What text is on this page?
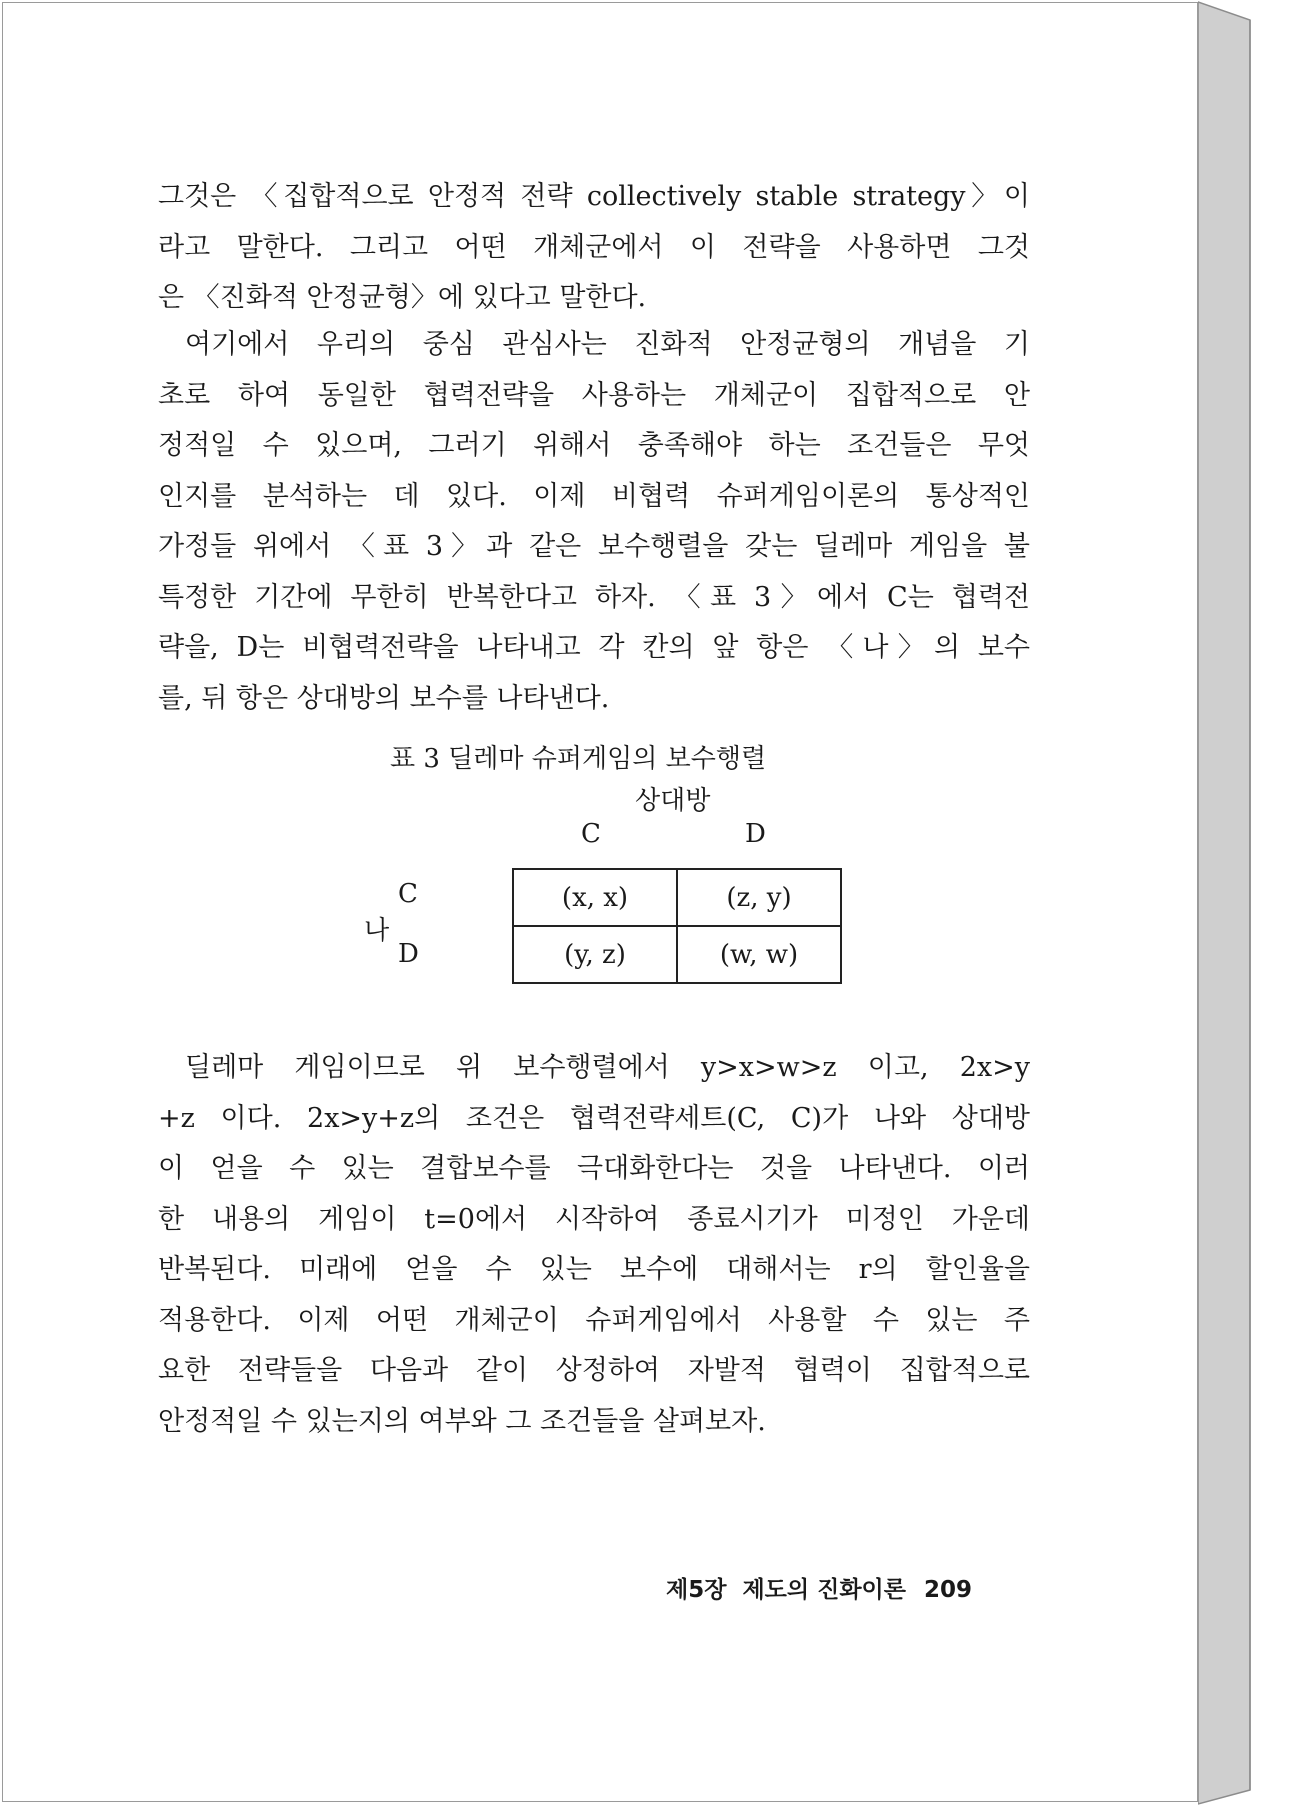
그것은 〈집합적으로 안정적 전략 collectively stable strategy〉이
라고 말한다. 그리고 어떤 개체군에서 이 전략을 사용하면 그것
은 〈진화적 안정균형〉에 있다고 말한다.
여기에서 우리의 중심 관심사는 진화적 안정균형의 개념을 기
초로 하여 동일한 협력전략을 사용하는 개체군이 집합적으로 안
정적일 수 있으며, 그러기 위해서 충족해야 하는 조건들은 무엇
인지를 분석하는 데 있다. 이제 비협력 슈퍼게임이론의 통상적인
가정들 위에서 〈표 3〉과 같은 보수행렬을 갖는 딜레마 게임을 불
특정한 기간에 무한히 반복한다고 하자. 〈표 3〉에서 C는 협력전
략을, D는 비협력전략을 나타내고 각 칸의 앞 항은 〈나〉의 보수
를, 뒤 항은 상대방의 보수를 나타낸다.
표 3 딜레마 슈퍼게임의 보수행렬
상대방
C	D
C
D
나
(x, x)	(z, y)
(y, z)	(w, w)
딜레마 게임이므로 위 보수행렬에서 y>x>w>z 이고, 2x>y
+z 이다. 2x>y+z의 조건은 협력전략세트(C, C)가 나와 상대방
이 얻을 수 있는 결합보수를 극대화한다는 것을 나타낸다. 이러
한 내용의 게임이 t=0에서 시작하여 종료시기가 미정인 가운데
반복된다. 미래에 얻을 수 있는 보수에 대해서는 r의 할인율을
적용한다. 이제 어떤 개체군이 슈퍼게임에서 사용할 수 있는 주
요한 전략들을 다음과 같이 상정하여 자발적 협력이 집합적으로
안정적일 수 있는지의 여부와 그 조건들을 살펴보자.
제5장  제도의 진화이론 209
